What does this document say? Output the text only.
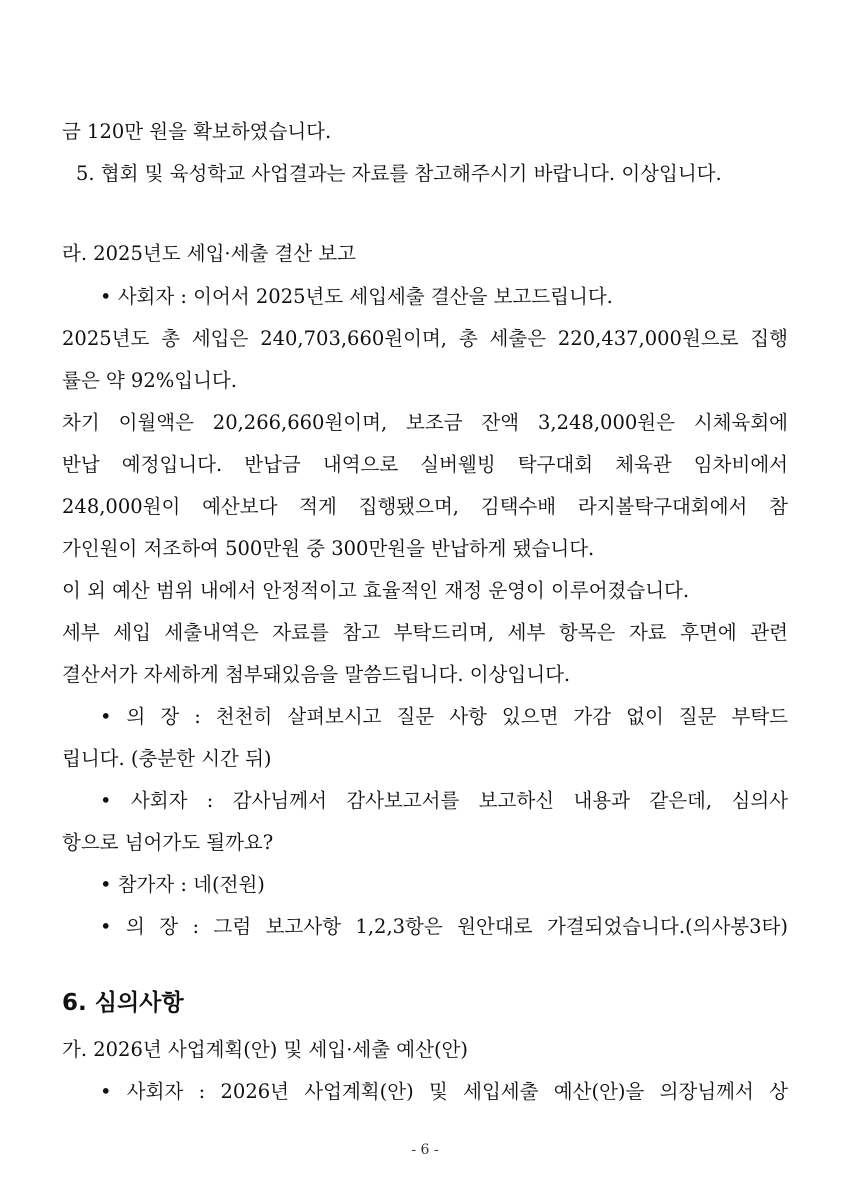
금 120만 원을 확보하였습니다.
5. 협회 및 육성학교 사업결과는 자료를 참고해주시기 바랍니다. 이상입니다.
라. 2025년도 세입·세출 결산 보고
• 사회자 : 이어서 2025년도 세입세출 결산을 보고드립니다.
2025년도 총 세입은 240,703,660원이며, 총 세출은 220,437,000원으로 집행
률은 약 92%입니다.
차기 이월액은 20,266,660원이며, 보조금 잔액 3,248,000원은 시체육회에
반납 예정입니다. 반납금 내역으로 실버웰빙 탁구대회 체육관 임차비에서
248,000원이 예산보다 적게 집행됐으며, 김택수배 라지볼탁구대회에서 참
가인원이 저조하여 500만원 중 300만원을 반납하게 됐습니다.
이 외 예산 범위 내에서 안정적이고 효율적인 재정 운영이 이루어졌습니다.
세부 세입 세출내역은 자료를 참고 부탁드리며, 세부 항목은 자료 후면에 관련
결산서가 자세하게 첨부돼있음을 말씀드립니다. 이상입니다.
• 의 장 : 천천히 살펴보시고 질문 사항 있으면 가감 없이 질문 부탁드
립니다. (충분한 시간 뒤)
• 사회자 : 감사님께서 감사보고서를 보고하신 내용과 같은데, 심의사
항으로 넘어가도 될까요?
• 참가자 : 네(전원)
• 의 장 : 그럼 보고사항 1,2,3항은 원안대로 가결되었습니다.(의사봉3타)
6. 심의사항
가. 2026년 사업계획(안) 및 세입·세출 예산(안)
• 사회자 : 2026년 사업계획(안) 및 세입세출 예산(안)을 의장님께서 상
- 6 -
